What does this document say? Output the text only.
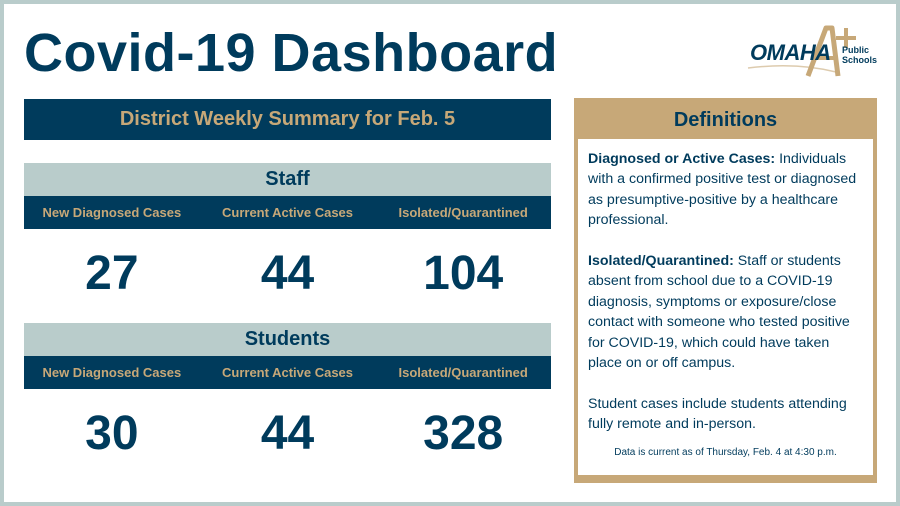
Covid-19 Dashboard	OMAHA Public
Schools
District Weekly Summary for Feb. 5
Staff
New Diagnosed Cases	Current Active Cases	Isolated/Quarantined
27	44	104
Students
New Diagnosed Cases	Current Active Cases	Isolated/Quarantined
30	44	328
Definitions

Diagnosed or Active Cases: Individuals with a confirmed positive test or diagnosed as presumptive-positive by a healthcare professional.

Isolated/Quarantined: Staff or students absent from school due to a COVID-19 diagnosis, symptoms or exposure/close contact with someone who tested positive for COVID-19, which could have taken place on or off campus.

Student cases include students attending fully remote and in-person.

Data is current as of Thursday, Feb. 4 at 4:30 p.m.
